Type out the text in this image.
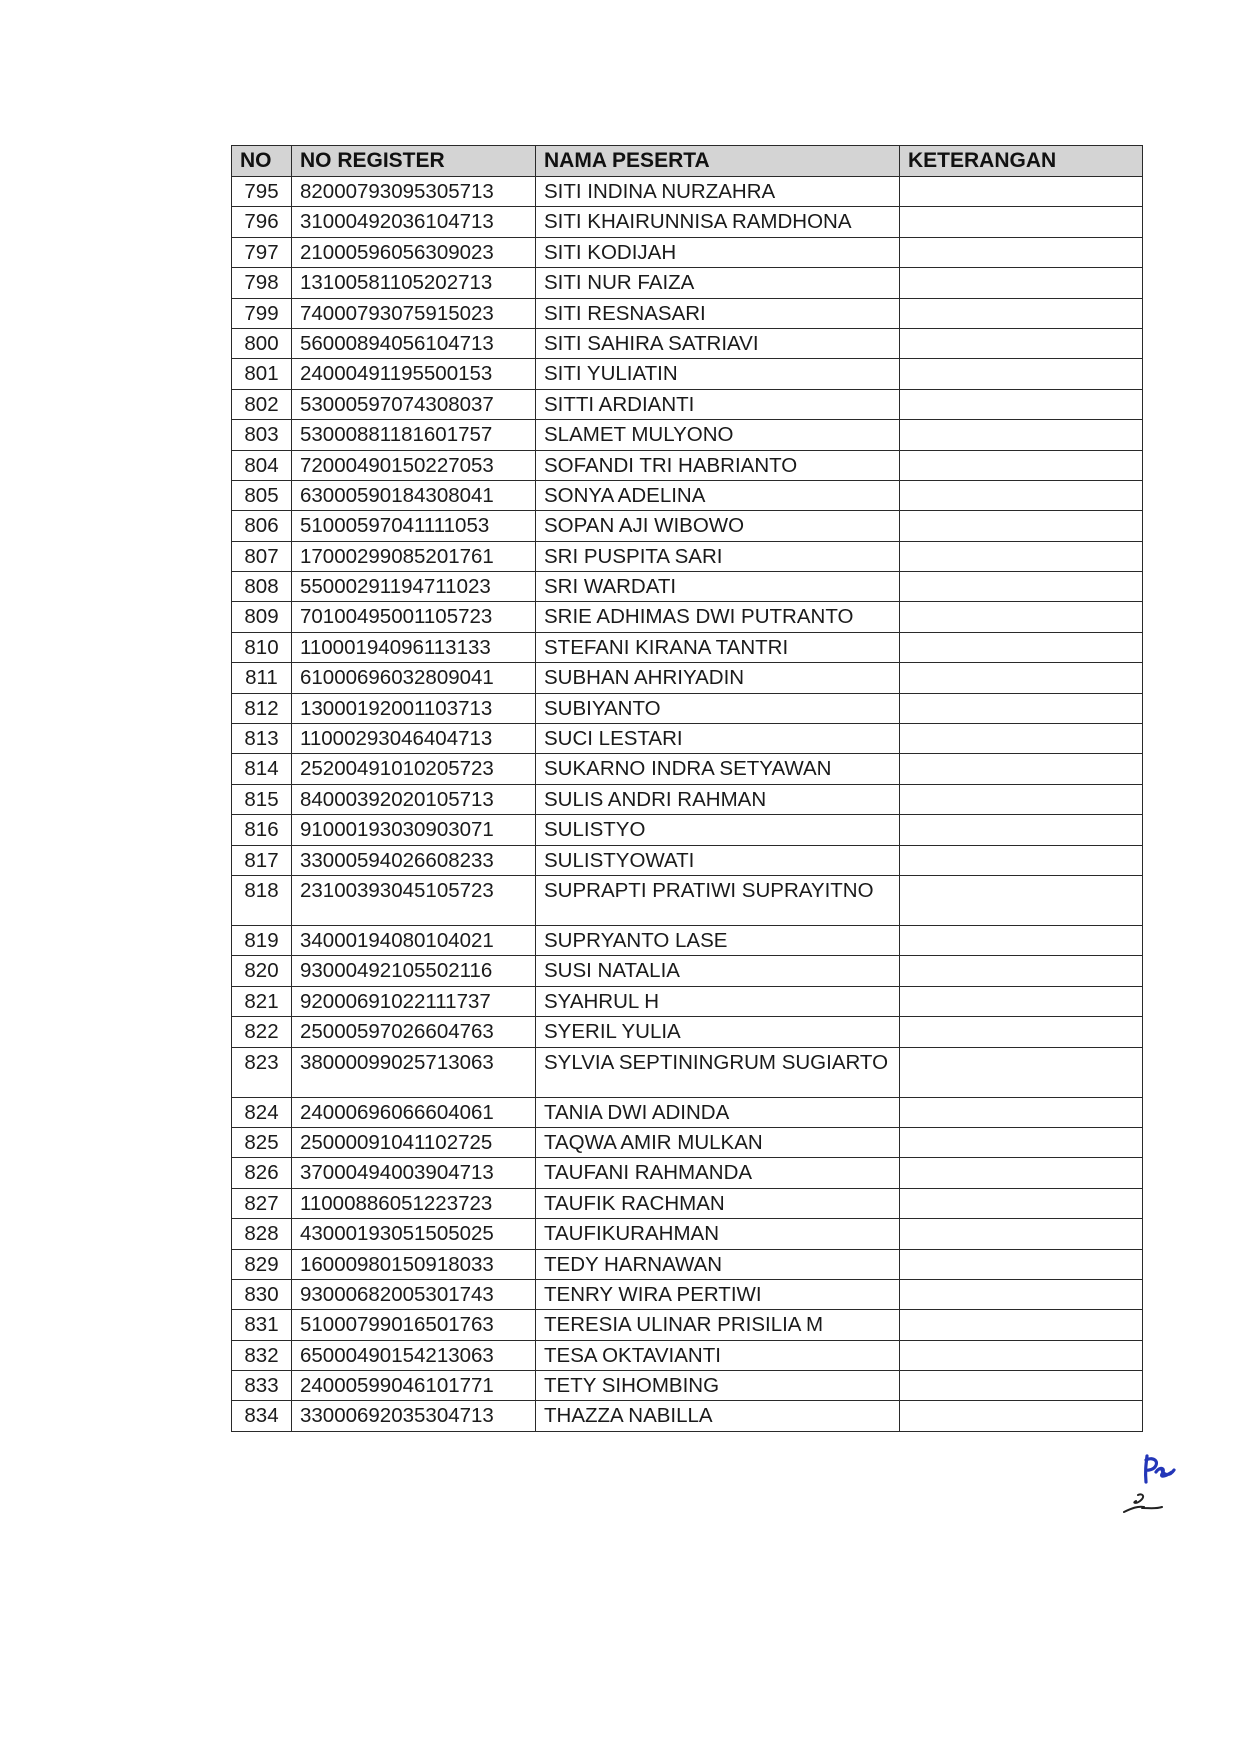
NO	NO REGISTER	NAMA PESERTA	KETERANGAN
795	82000793095305713	SITI INDINA NURZAHRA	
796	31000492036104713	SITI KHAIRUNNISA RAMDHONA	
797	21000596056309023	SITI KODIJAH	
798	13100581105202713	SITI NUR FAIZA	
799	74000793075915023	SITI RESNASARI	
800	56000894056104713	SITI SAHIRA SATRIAVI	
801	24000491195500153	SITI YULIATIN	
802	53000597074308037	SITTI ARDIANTI	
803	53000881181601757	SLAMET MULYONO	
804	72000490150227053	SOFANDI TRI HABRIANTO	
805	63000590184308041	SONYA ADELINA	
806	51000597041111053	SOPAN AJI WIBOWO	
807	17000299085201761	SRI PUSPITA SARI	
808	55000291194711023	SRI WARDATI	
809	70100495001105723	SRIE ADHIMAS DWI PUTRANTO	
810	11000194096113133	STEFANI KIRANA TANTRI	
811	61000696032809041	SUBHAN AHRIYADIN	
812	13000192001103713	SUBIYANTO	
813	11000293046404713	SUCI LESTARI	
814	25200491010205723	SUKARNO INDRA SETYAWAN	
815	84000392020105713	SULIS ANDRI RAHMAN	
816	91000193030903071	SULISTYO	
817	33000594026608233	SULISTYOWATI	
818	23100393045105723	SUPRAPTI PRATIWI SUPRAYITNO	
819	34000194080104021	SUPRYANTO LASE	
820	93000492105502116	SUSI NATALIA	
821	92000691022111737	SYAHRUL H	
822	25000597026604763	SYERIL YULIA	
823	38000099025713063	SYLVIA SEPTININGRUM SUGIARTO	
824	24000696066604061	TANIA DWI ADINDA	
825	25000091041102725	TAQWA AMIR MULKAN	
826	37000494003904713	TAUFANI RAHMANDA	
827	11000886051223723	TAUFIK RACHMAN	
828	43000193051505025	TAUFIKURAHMAN	
829	16000980150918033	TEDY HARNAWAN	
830	93000682005301743	TENRY WIRA PERTIWI	
831	51000799016501763	TERESIA ULINAR PRISILIA M	
832	65000490154213063	TESA OKTAVIANTI	
833	24000599046101771	TETY SIHOMBING	
834	33000692035304713	THAZZA NABILLA	
